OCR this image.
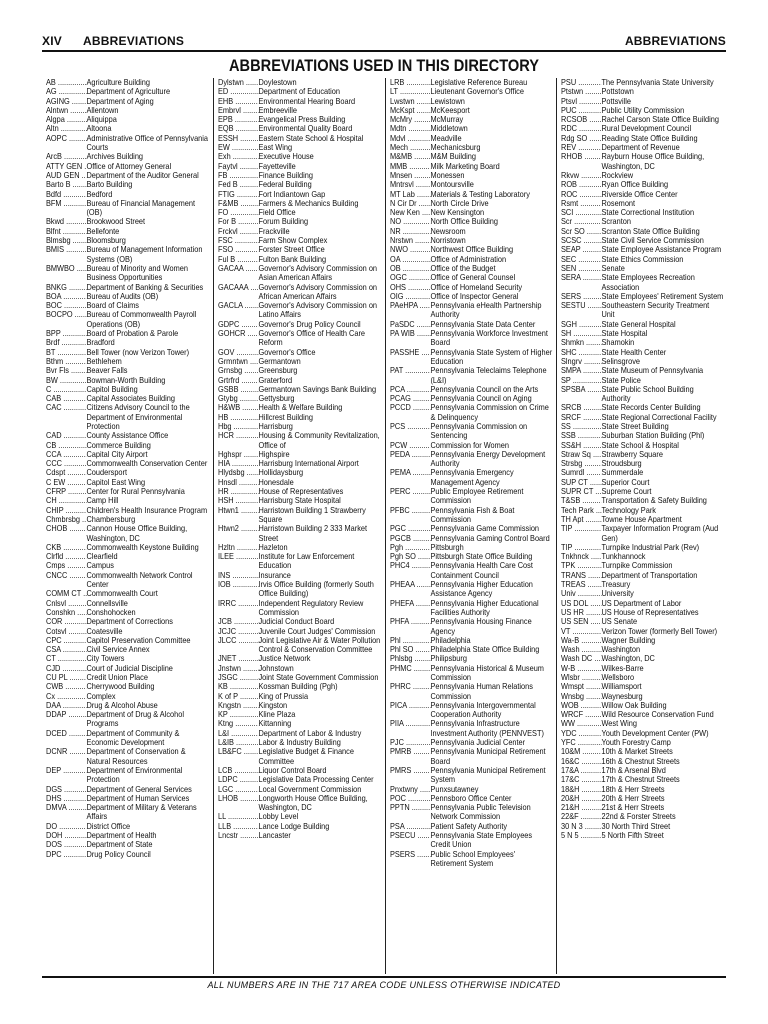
XIV ABBREVIATIONS	ABBREVIATIONS
ABBREVIATIONS USED IN THIS DIRECTORY
AB .....	Agriculture Building
AG .....	Department of Agriculture
AGING .....	Department of Aging
Alntwn .....	Allentown
Algpa .....	Aliquippa
Altn .....	Altoona
AOPC .....	Administrative Office of Pennsylvania Courts
ArcB .....	Archives Building
ATTY GEN ..... Office of Attorney General
AUD GEN ..... Department of the Auditor General
Barto B .....	Barto Building
Bdfd .....	Bedford
BFM .....	Bureau of Financial Management (OB)
Bkwd .....	Brookwood Street
Blfnt .....	Bellefonte
Blmsbg .....	Bloomsburg
BMIS .....	Bureau of Management Information Systems (OB)
BMWBO .....	Bureau of Minority and Women Business Opportunities
BNKG .....	Department of Banking & Securities
BOA .....	Bureau of Audits (OB)
BOC .....	Board of Claims
BOCPO .....	Bureau of Commonwealth Payroll Operations (OB)
BPP .....	Board of Probation & Parole
Brdf .....	Bradford
BT .....	Bell Tower (now Verizon Tower)
Bthm .....	Bethlehem
Bvr Fls .....	Beaver Falls
BW .....	Bowman-Worth Building
C .....	Capitol Building
CAB .....	Capital Associates Building
CAC .....	Citizens Advisory Council to the Department of Environmental Protection
CAD .....	County Assistance Office
CB .....	Commerce Building
CCA .....	Capital City Airport
CCC .....	Commonwealth Conservation Center
Cdspt .....	Coudersport
C EW .....	Capitol East Wing
CFRP .....	Center for Rural Pennsylvania
CH .....	Camp Hill
CHIP .....	Children's Health Insurance Program
Chmbrsbg ..... Chambersburg
CHOB .....	Cannon House Office Building, Washington, DC
CKB .....	Commonwealth Keystone Building
Clrfld .....	Clearfield
Cmps .....	Campus
CNCC .....	Commonwealth Network Control Center
COMM CT ..... Commonwealth Court
Cnlsvl .....	Connellsville
Conshkn .....	Conshohocken
COR .....	Department of Corrections
Cotsvl .....	Coatesville
CPC .....	Capitol Preservation Committee
CSA .....	Civil Service Annex
CT .....	City Towers
CJD .....	Court of Judicial Discipline
CU PL .....	Credit Union Place
CWB .....	Cherrywood Building
Cx .....	Complex
DAA .....	Drug & Alcohol Abuse
DDAP .....	Department of Drug & Alcohol Programs
DCED .....	Department of Community & Economic Development
DCNR .....	Department of Conservation & Natural Resources
DEP .....	Department of Environmental Protection
DGS .....	Department of General Services
DHS .....	Department of Human Services
DMVA .....	Department of Military & Veterans Affairs
DO .....	District Office
DOH .....	Department of Health
DOS .....	Department of State
DPC .....	Drug Policy Council
Dylstwn .....	Doylestown
ED .....	Department of Education
EHB .....	Environmental Hearing Board
Embrvl .....	Embreeville
EPB .....	Evangelical Press Building
EQB .....	Environmental Quality Board
ESSH .....	Eastern State School & Hospital
EW .....	East Wing
Exh .....	Executive House
Faytvl .....	Fayetteville
FB .....	Finance Building
Fed B .....	Federal Building
FTIG .....	Fort Indiantown Gap
F&MB .....	Farmers & Mechanics Building
FO .....	Field Office
For B .....	Forum Building
Frckvl .....	Frackville
FSC .....	Farm Show Complex
FSO .....	Forster Street Office
Ful B .....	Fulton Bank Building
GACAA .....	Governor's Advisory Commission on Asian American Affairs
GACAAA .....	Governor's Advisory Commission on African American Affairs
GACLA .....	Governor's Advisory Commission on Latino Affairs
GDPC .....	Governor's Drug Policy Council
GOHCR .....	Governor's Office of Health Care Reform
GOV .....	Governor's Office
Grmntwn .....	Germantown
Grnsbg .....	Greensburg
Grtrfrd .....	Graterford
GSBB .....	Germantown Savings Bank Building
Gtybg .....	Gettysburg
H&WB .....	Health & Welfare Building
HB .....	Hillcrest Building
Hbg .....	Harrisburg
HCR .....	Housing & Community Revitalization, Office of
Hghspr .....	Highspire
HIA .....	Harrisburg International Airport
Hlydsbg .....	Hollidaysburg
Hnsdl .....	Honesdale
HR .....	House of Representatives
HSH .....	Harrisburg State Hospital
Htwn1 .....	Harristown Building 1 Strawberry Square
Htwn2 .....	Harristown Building 2 333 Market Street
Hzltn .....	Hazleton
ILEE .....	Institute for Law Enforcement Education
INS .....	Insurance
IOB .....	Irvis Office Building (formerly South Office Building)
IRRC .....	Independent Regulatory Review Commission
JCB .....	Judicial Conduct Board
JCJC .....	Juvenile Court Judges' Commission
JLCC .....	Joint Legislative Air & Water Pollution Control & Conservation Committee
JNET .....	Justice Network
Jnstwn .....	Johnstown
JSGC .....	Joint State Government Commission
KB .....	Kossman Building (Pgh)
K of P .....	King of Prussia
Kngstn .....	Kingston
KP .....	Kline Plaza
Ktng .....	Kittanning
L&I .....	Department of Labor & Industry
L&IB .....	Labor & Industry Building
LB&FC .....	Legislative Budget & Finance Committee
LCB .....	Liquor Control Board
LDPC .....	Legislative Data Processing Center
LGC .....	Local Government Commission
LHOB .....	Longworth House Office Building, Washington, DC
LL .....	Lobby Level
LLB .....	Lance Lodge Building
Lncstr .....	Lancaster
LRB .....	Legislative Reference Bureau
LT .....	Lieutenant Governor's Office
Lwstwn .....	Lewistown
McKspt .....	McKeesport
McMry .....	McMurray
Mdtn .....	Middletown
Mdvl .....	Meadville
Mech .....	Mechanicsburg
M&MB .....	M&M Building
MMB .....	Milk Marketing Board
Mnsen .....	Monessen
Mntrsvl .....	Montoursville
MT Lab .....	Materials & Testing Laboratory
N Cir Dr .....	North Circle Drive
New Ken .....	New Kensington
NO .....	North Office Building
NR .....	Newsroom
Nrstwn .....	Norristown
NWO .....	Northwest Office Building
OA .....	Office of Administration
OB .....	Office of the Budget
OGC .....	Office of General Counsel
OHS .....	Office of Homeland Security
OIG .....	Office of Inspector General
PAeHPA .....	Pennsylvania eHealth Partnership Authority
PaSDC .....	Pennsylvania State Data Center
PA WIB .....	Pennsylvania Workforce Investment Board
PASSHE .....	Pennsylvania State System of Higher Education
PAT .....	Pennsylvania Teleclaims Telephone (L&I)
PCA .....	Pennsylvania Council on the Arts
PCAG .....	Pennsylvania Council on Aging
PCCD .....	Pennsylvania Commission on Crime & Delinquency
PCS .....	Pennsylvania Commission on Sentencing
PCW .....	Commission for Women
PEDA .....	Pennsylvania Energy Development Authority
PEMA .....	Pennsylvania Emergency Management Agency
PERC .....	Public Employee Retirement Commission
PFBC .....	Pennsylvania Fish & Boat Commission
PGC .....	Pennsylvania Game Commission
PGCB .....	Pennsylvania Gaming Control Board
Pgh .....	Pittsburgh
Pgh SO .....	Pittsburgh State Office Building
PHC4 .....	Pennsylvania Health Care Cost Containment Council
PHEAA .....	Pennsylvania Higher Education Assistance Agency
PHEFA .....	Pennsylvania Higher Educational Facilities Authority
PHFA .....	Pennsylvania Housing Finance Agency
Phl .....	Philadelphia
Phl SO .....	Philadelphia State Office Building
Phlsbg .....	Philipsburg
PHMC .....	Pennsylvania Historical & Museum Commission
PHRC .....	Pennsylvania Human Relations Commission
PICA .....	Pennsylvania Intergovernmental Cooperation Authority
PIIA .....	Pennsylvania Infrastructure Investment Authority (PENNVEST)
PJC .....	Pennsylvania Judicial Center
PMRB .....	Pennsylvania Municipal Retirement Board
PMRS .....	Pennsylvania Municipal Retirement System
Pnxtwny .....	Punxsutawney
POC .....	Pennsboro Office Center
PPTN .....	Pennsylvania Public Television Network Commission
PSA .....	Patient Safety Authority
PSECU .....	Pennsylvania State Employees Credit Union
PSERS .....	Public School Employees' Retirement System
PSU .....	The Pennsylvania State University
Ptstwn .....	Pottstown
Ptsvl .....	Pottsville
PUC .....	Public Utility Commission
RCSOB .....	Rachel Carson State Office Building
RDC .....	Rural Development Council
Rdg SO .....	Reading State Office Building
REV .....	Department of Revenue
RHOB .....	Rayburn House Office Building, Washington, DC
Rkvw .....	Rockview
ROB .....	Ryan Office Building
ROC .....	Riverside Office Center
Rsmt .....	Rosemont
SCI .....	State Correctional Institution
Scr .....	Scranton
Scr SO .....	Scranton State Office Building
SCSC .....	State Civil Service Commission
SEAP .....	State Employee Assistance Program
SEC .....	State Ethics Commission
SEN .....	Senate
SERA .....	State Employees Recreation Association
SERS .....	State Employees' Retirement System
SESTU .....	Southeastern Security Treatment Unit
SGH .....	State General Hospital
SH .....	State Hospital
Shmkn .....	Shamokin
SHC .....	State Health Center
Slngrv .....	Selinsgrove
SMPA .....	State Museum of Pennsylvania
SP .....	State Police
SPSBA .....	State Public School Building Authority
SRCB .....	State Records Center Building
SRCF .....	State Regional Correctional Facility
SS .....	State Street Building
SSB .....	Suburban Station Building (Phl)
SS&H .....	State School & Hospital
Straw Sq .....	Strawberry Square
Strsbg .....	Stroudsburg
Sumrdl .....	Summerdale
SUP CT .....	Superior Court
SUPR CT ..... Supreme Court
T&SB .....	Transportation & Safety Building
Tech Park ..... Technology Park
TH Apt .....	Towne House Apartment
TIP .....	Taxpayer Information Program (Aud Gen)
TIP .....	Turnpike Industrial Park (Rev)
Tnkhnck .....	Tunkhannock
TPK .....	Turnpike Commission
TRANS .....	Department of Transportation
TREAS .....	Treasury
Univ .....	University
US DOL .....	US Department of Labor
US HR .....	US House of Representatives
US SEN .....	US Senate
VT .....	Verizon Tower (formerly Bell Tower)
Wa-B .....	Wagner Building
Wash .....	Washington
Wash DC .....	Washington, DC
W-B .....	Wilkes-Barre
Wlsbr .....	Wellsboro
Wmspt .....	Williamsport
Wnsbg .....	Waynesburg
WOB .....	Willow Oak Building
WRCF .....	Wild Resource Conservation Fund
WW .....	West Wing
YDC .....	Youth Development Center (PW)
YFC .....	Youth Forestry Camp
10&M .....	10th & Market Streets
16&C .....	16th & Chestnut Streets
17&A .....	17th & Arsenal Blvd
17&C .....	17th & Chestnut Streets
18&H .....	18th & Herr Streets
20&H .....	20th & Herr Streets
21&H .....	21st & Herr Streets
22&F .....	22nd & Forster Streets
30 N 3 .....	30 North Third Street
5 N 5 .....	5 North Fifth Street
ALL NUMBERS ARE IN THE 717 AREA CODE UNLESS OTHERWISE INDICATED
